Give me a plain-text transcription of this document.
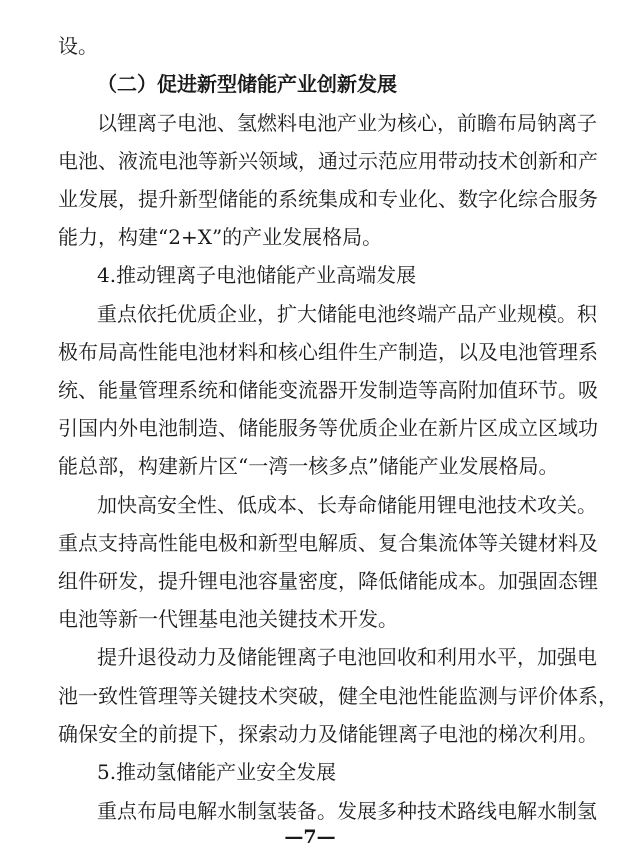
设。
（二）促进新型储能产业创新发展
以锂离子电池、氢燃料电池产业为核心，前瞻布局钠离子
电池、液流电池等新兴领域，通过示范应用带动技术创新和产
业发展，提升新型储能的系统集成和专业化、数字化综合服务
能力，构建“2+X”的产业发展格局。
4.推动锂离子电池储能产业高端发展
重点依托优质企业，扩大储能电池终端产品产业规模。积
极布局高性能电池材料和核心组件生产制造，以及电池管理系
统、能量管理系统和储能变流器开发制造等高附加值环节。吸
引国内外电池制造、储能服务等优质企业在新片区成立区域功
能总部，构建新片区“一湾一核多点”储能产业发展格局。
加快高安全性、低成本、长寿命储能用锂电池技术攻关。
重点支持高性能电极和新型电解质、复合集流体等关键材料及
组件研发，提升锂电池容量密度，降低储能成本。加强固态锂
电池等新一代锂基电池关键技术开发。
提升退役动力及储能锂离子电池回收和利用水平，加强电
池一致性管理等关键技术突破，健全电池性能监测与评价体系，
确保安全的前提下，探索动力及储能锂离子电池的梯次利用。
5.推动氢储能产业安全发展
重点布局电解水制氢装备。发展多种技术路线电解水制氢
—7—
